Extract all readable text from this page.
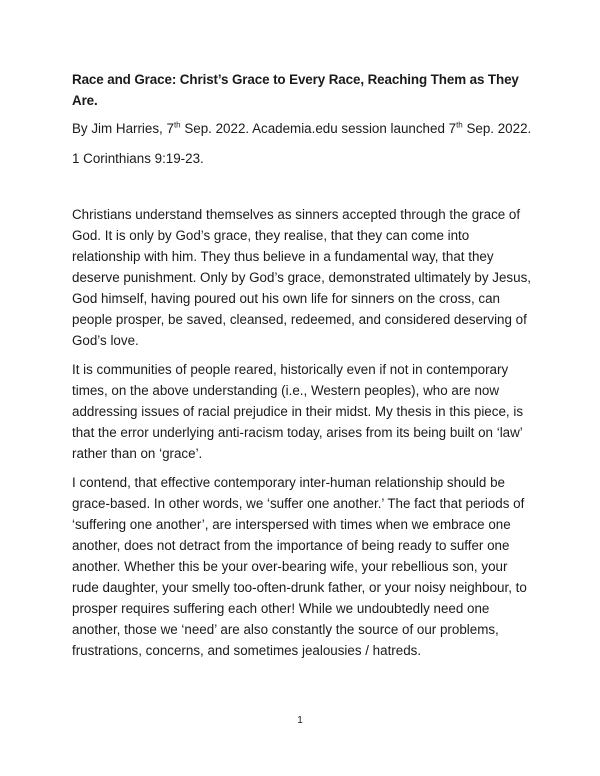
Race and Grace: Christ’s Grace to Every Race, Reaching Them as They Are.

By Jim Harries, 7th Sep. 2022. Academia.edu session launched 7th Sep. 2022.

1 Corinthians 9:19-23.

Christians understand themselves as sinners accepted through the grace of God. It is only by God’s grace, they realise, that they can come into relationship with him. They thus believe in a fundamental way, that they deserve punishment. Only by God’s grace, demonstrated ultimately by Jesus, God himself, having poured out his own life for sinners on the cross, can people prosper, be saved, cleansed, redeemed, and considered deserving of God’s love.

It is communities of people reared, historically even if not in contemporary times, on the above understanding (i.e., Western peoples), who are now addressing issues of racial prejudice in their midst. My thesis in this piece, is that the error underlying anti-racism today, arises from its being built on ‘law’ rather than on ‘grace’.

I contend, that effective contemporary inter-human relationship should be grace-based. In other words, we ‘suffer one another.’ The fact that periods of ‘suffering one another’, are interspersed with times when we embrace one another, does not detract from the importance of being ready to suffer one another. Whether this be your over-bearing wife, your rebellious son, your rude daughter, your smelly too-often-drunk father, or your noisy neighbour, to prosper requires suffering each other! While we undoubtedly need one another, those we ‘need’ are also constantly the source of our problems, frustrations, concerns, and sometimes jealousies / hatreds.

1
